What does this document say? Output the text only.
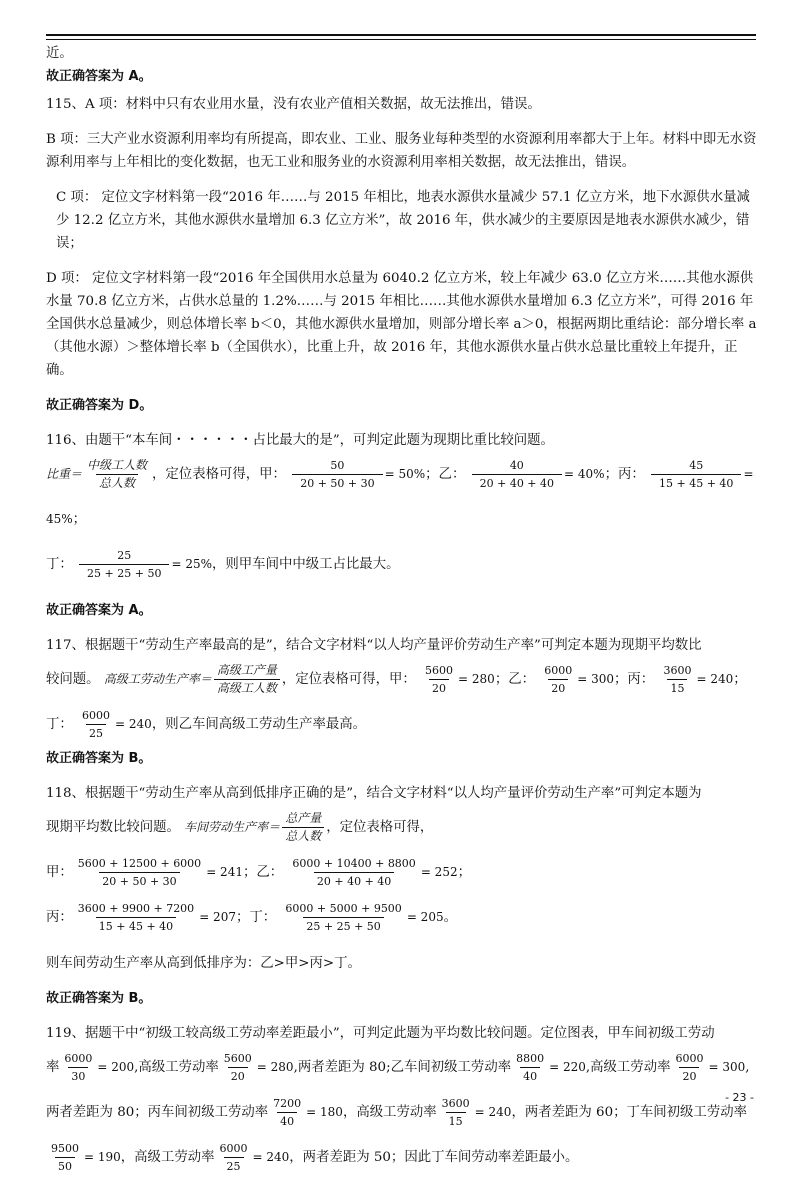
近。

故正确答案为 A。

115、A 项：材料中只有农业用水量，没有农业产值相关数据，故无法推出，错误。

B 项：三大产业水资源利用率均有所提高，即农业、工业、服务业每种类型的水资源利用率都大于上年。材料中即无水资源利用率与上年相比的变化数据，也无工业和服务业的水资源利用率相关数据，故无法推出，错误。

C 项： 定位文字材料第一段“2016 年……与 2015 年相比，地表水源供水量减少 57.1 亿立方米，地下水源供水量减少 12.2 亿立方米，其他水源供水量增加 6.3 亿立方米”，故 2016 年，供水减少的主要原因是地表水源供水减少，错误；

D 项： 定位文字材料第一段“2016 年全国供用水总量为 6040.2 亿立方米，较上年减少 63.0 亿立方米……其他水源供水量 70.8 亿立方米，占供水总量的 1.2%……与 2015 年相比……其他水源供水量增加 6.3 亿立方米”，可得 2016 年全国供水总量减少，则总体增长率 b＜0，其他水源供水量增加，则部分增长率 a＞0，根据两期比重结论：部分增长率 a（其他水源）＞整体增长率 b（全国供水），比重上升，故 2016 年，其他水源供水量占供水总量比重较上年提升，正确。

故正确答案为 D。

116、由题干“本车间・・・・・・占比最大的是”，可判定此题为现期比重比较问题。

比重＝ $\frac{\text{中级工人数}}{\text{总人数}}$ ，定位表格可得，甲： $\frac{50}{20 + 50 + 30} = 50\%$；乙： $\frac{40}{20 + 40 + 40} = 40\%$；丙： $\frac{45}{15 + 45 + 40} = 45\%$；

丁： $\frac{25}{25 + 25 + 50} = 25\%$，则甲车间中中级工占比最大。

故正确答案为 A。

117、根据题干“劳动生产率最高的是”，结合文字材料“以人均产量评价劳动生产率”可判定本题为现期平均数比

较问题。 高级工劳动生产率＝ $\frac{\text{高级工产量}}{\text{高级工人数}}$ ，定位表格可得，甲： $\frac{5600}{20} = 280$；乙： $\frac{6000}{20} = 300$；丙： $\frac{3600}{15} = 240$；

丁： $\frac{6000}{25} = 240$，则乙车间高级工劳动生产率最高。

故正确答案为 B。

118、根据题干“劳动生产率从高到低排序正确的是”，结合文字材料“以人均产量评价劳动生产率”可判定本题为

现期平均数比较问题。 车间劳动生产率＝ $\frac{\text{总产量}}{\text{总人数}}$ ，定位表格可得，

甲： $\frac{5600 + 12500 + 6000}{20 + 50 + 30} = 241$；乙： $\frac{6000 + 10400 + 8800}{20 + 40 + 40} = 252$；

丙： $\frac{3600 + 9900 + 7200}{15 + 45 + 40} = 207$；丁： $\frac{6000 + 5000 + 9500}{25 + 25 + 50} = 205$。

则车间劳动生产率从高到低排序为：乙>甲>丙>丁。

故正确答案为 B。

119、据题干中“初级工较高级工劳动率差距最小”，可判定此题为平均数比较问题。定位图表，甲车间初级工劳动

率 $\frac{6000}{30} = 200$,高级工劳动率 $\frac{5600}{20} = 280$,两者差距为 80;乙车间初级工劳动率 $\frac{8800}{40} = 220$,高级工劳动率 $\frac{6000}{20} = 300$,

两者差距为 80；丙车间初级工劳动率 $\frac{7200}{40} = 180$，高级工劳动率 $\frac{3600}{15} = 240$，两者差距为 60；丁车间初级工劳动率

$\frac{9500}{50} = 190$，高级工劳动率 $\frac{6000}{25} = 240$，两者差距为 50；因此丁车间劳动率差距最小。

- 23 -
